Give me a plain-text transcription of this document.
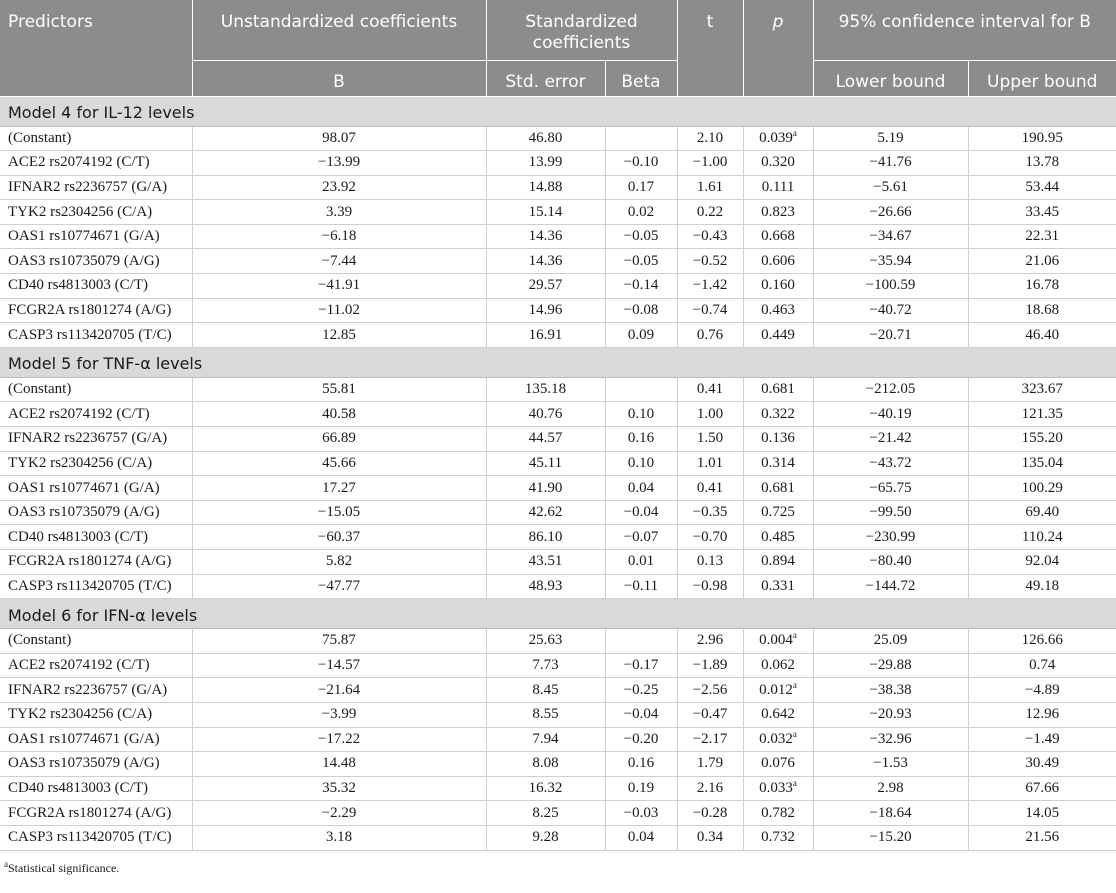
Predictors	Unstandardized coefficients	Standardized coefficients		t	p	95% confidence interval for B	
	B	Std. error	Beta			Lower bound	Upper bound
Model 4 for IL-12 levels							
(Constant)	98.07	46.80		2.10	0.039$^a$	5.19	190.95
ACE2 rs2074192 (C/T)	−13.99	13.99	−0.10	−1.00	0.320	−41.76	13.78
IFNAR2 rs2236757 (G/A)	23.92	14.88	0.17	1.61	0.111	−5.61	53.44
TYK2 rs2304256 (C/A)	3.39	15.14	0.02	0.22	0.823	−26.66	33.45
OAS1 rs10774671 (G/A)	−6.18	14.36	−0.05	−0.43	0.668	−34.67	22.31
OAS3 rs10735079 (A/G)	−7.44	14.36	−0.05	−0.52	0.606	−35.94	21.06
CD40 rs4813003 (C/T)	−41.91	29.57	−0.14	−1.42	0.160	−100.59	16.78
FCGR2A rs1801274 (A/G)	−11.02	14.96	−0.08	−0.74	0.463	−40.72	18.68
CASP3 rs113420705 (T/C)	12.85	16.91	0.09	0.76	0.449	−20.71	46.40
Model 5 for TNF-α levels							
(Constant)	55.81	135.18		0.41	0.681	−212.05	323.67
ACE2 rs2074192 (C/T)	40.58	40.76	0.10	1.00	0.322	−40.19	121.35
IFNAR2 rs2236757 (G/A)	66.89	44.57	0.16	1.50	0.136	−21.42	155.20
TYK2 rs2304256 (C/A)	45.66	45.11	0.10	1.01	0.314	−43.72	135.04
OAS1 rs10774671 (G/A)	17.27	41.90	0.04	0.41	0.681	−65.75	100.29
OAS3 rs10735079 (A/G)	−15.05	42.62	−0.04	−0.35	0.725	−99.50	69.40
CD40 rs4813003 (C/T)	−60.37	86.10	−0.07	−0.70	0.485	−230.99	110.24
FCGR2A rs1801274 (A/G)	5.82	43.51	0.01	0.13	0.894	−80.40	92.04
CASP3 rs113420705 (T/C)	−47.77	48.93	−0.11	−0.98	0.331	−144.72	49.18
Model 6 for IFN-α levels							
(Constant)	75.87	25.63		2.96	0.004$^a$	25.09	126.66
ACE2 rs2074192 (C/T)	−14.57	7.73	−0.17	−1.89	0.062	−29.88	0.74
IFNAR2 rs2236757 (G/A)	−21.64	8.45	−0.25	−2.56	0.012$^a$	−38.38	−4.89
TYK2 rs2304256 (C/A)	−3.99	8.55	−0.04	−0.47	0.642	−20.93	12.96
OAS1 rs10774671 (G/A)	−17.22	7.94	−0.20	−2.17	0.032$^a$	−32.96	−1.49
OAS3 rs10735079 (A/G)	14.48	8.08	0.16	1.79	0.076	−1.53	30.49
CD40 rs4813003 (C/T)	35.32	16.32	0.19	2.16	0.033$^a$	2.98	67.66
FCGR2A rs1801274 (A/G)	−2.29	8.25	−0.03	−0.28	0.782	−18.64	14.05
CASP3 rs113420705 (T/C)	3.18	9.28	0.04	0.34	0.732	−15.20	21.56
$^a$Statistical significance.
